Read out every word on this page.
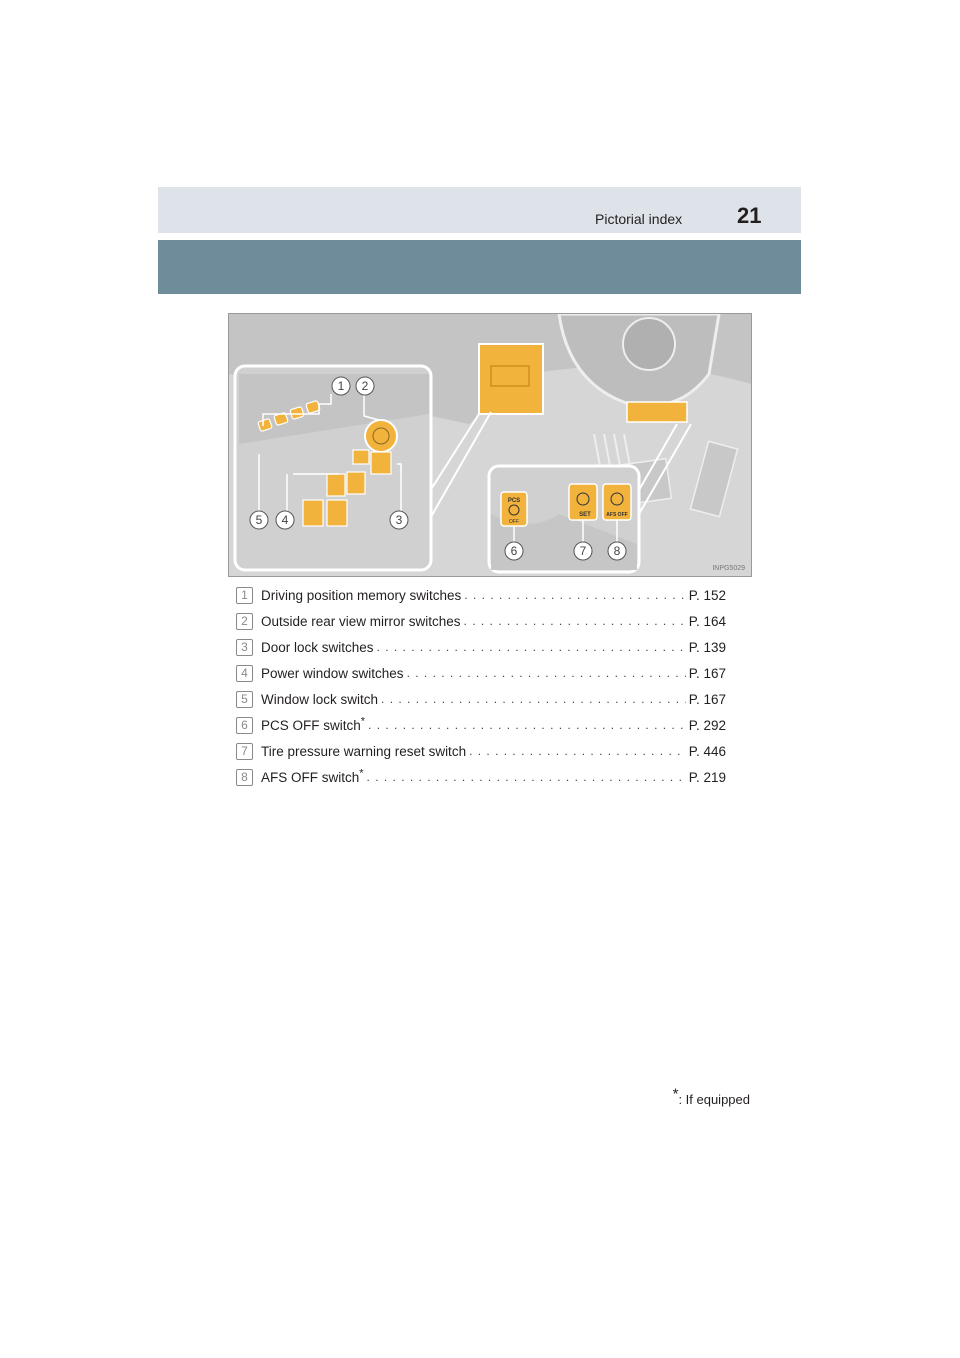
Pictorial index 21
1 2
3
4
5
PCS
OFF
SET	AFS OFF
6	7 8
INPG5029
1 Driving position memory switches . . .	P. 152
2 Outside rear view mirror switches . . .	P. 164
3 Door lock switches . . .	P. 139
4 Power window switches . . .	P. 167
5 Window lock switch . . .	P. 167
6 PCS OFF switch* . . .	P. 292
7 Tire pressure warning reset switch . . .	P. 446
8 AFS OFF switch* . . .	P. 219
*: If equipped
